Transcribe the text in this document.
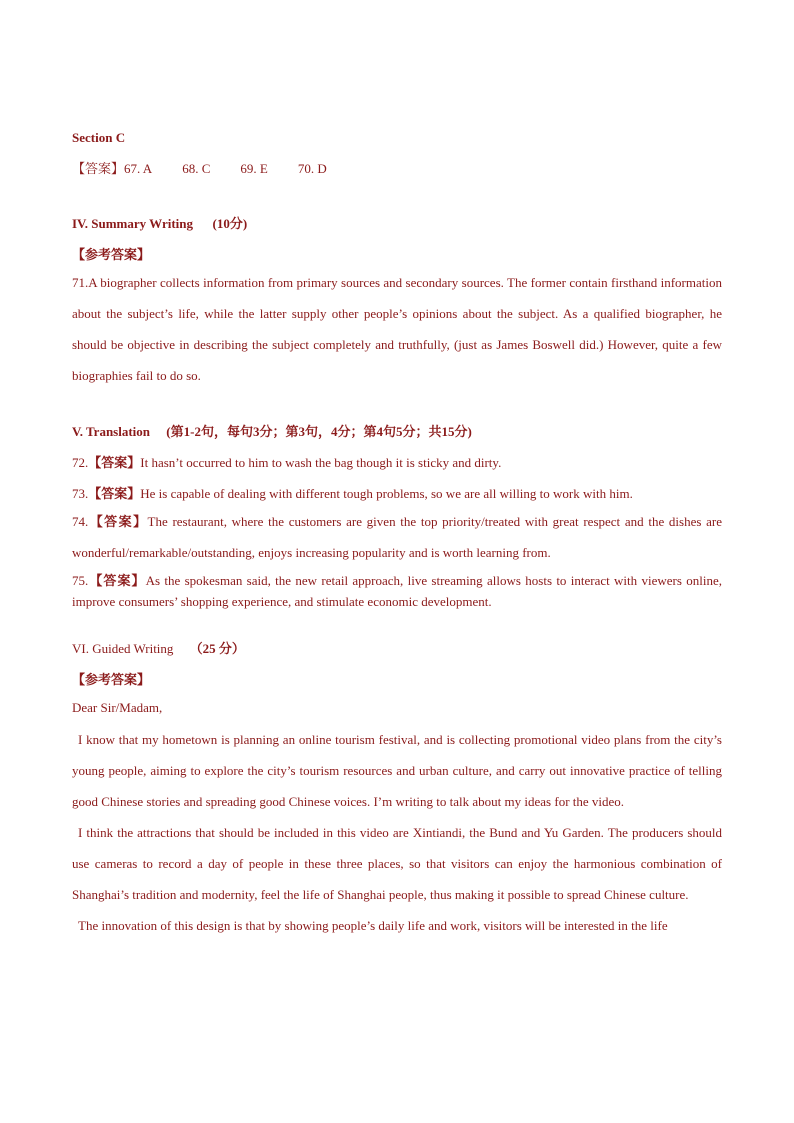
Section C

【答案】67. A 68. C 69. E 70. D

IV. Summary Writing (10分)

【参考答案】

71.A biographer collects information from primary sources and secondary sources. The former contain firsthand information about the subject’s life, while the latter supply other people’s opinions about the subject. As a qualified biographer, he should be objective in describing the subject completely and truthfully, (just as James Boswell did.) However, quite a few biographies fail to do so.

V. Translation (第1-2句，每句3分；第3句，4分；第4句5分；共15分)

72.【答案】It hasn’t occurred to him to wash the bag though it is sticky and dirty.

73.【答案】He is capable of dealing with different tough problems, so we are all willing to work with him.

74.【答案】The restaurant, where the customers are given the top priority/treated with great respect and the dishes are wonderful/remarkable/outstanding, enjoys increasing popularity and is worth learning from.

75.【答案】As the spokesman said, the new retail approach, live streaming allows hosts to interact with viewers online, improve consumers’ shopping experience, and stimulate economic development.

VI. Guided Writing （25 分）

【参考答案】

Dear Sir/Madam,

I know that my hometown is planning an online tourism festival, and is collecting promotional video plans from the city’s young people, aiming to explore the city’s tourism resources and urban culture, and carry out innovative practice of telling good Chinese stories and spreading good Chinese voices. I’m writing to talk about my ideas for the video.

I think the attractions that should be included in this video are Xintiandi, the Bund and Yu Garden. The producers should use cameras to record a day of people in these three places, so that visitors can enjoy the harmonious combination of Shanghai’s tradition and modernity, feel the life of Shanghai people, thus making it possible to spread Chinese culture.

The innovation of this design is that by showing people’s daily life and work, visitors will be interested in the life
